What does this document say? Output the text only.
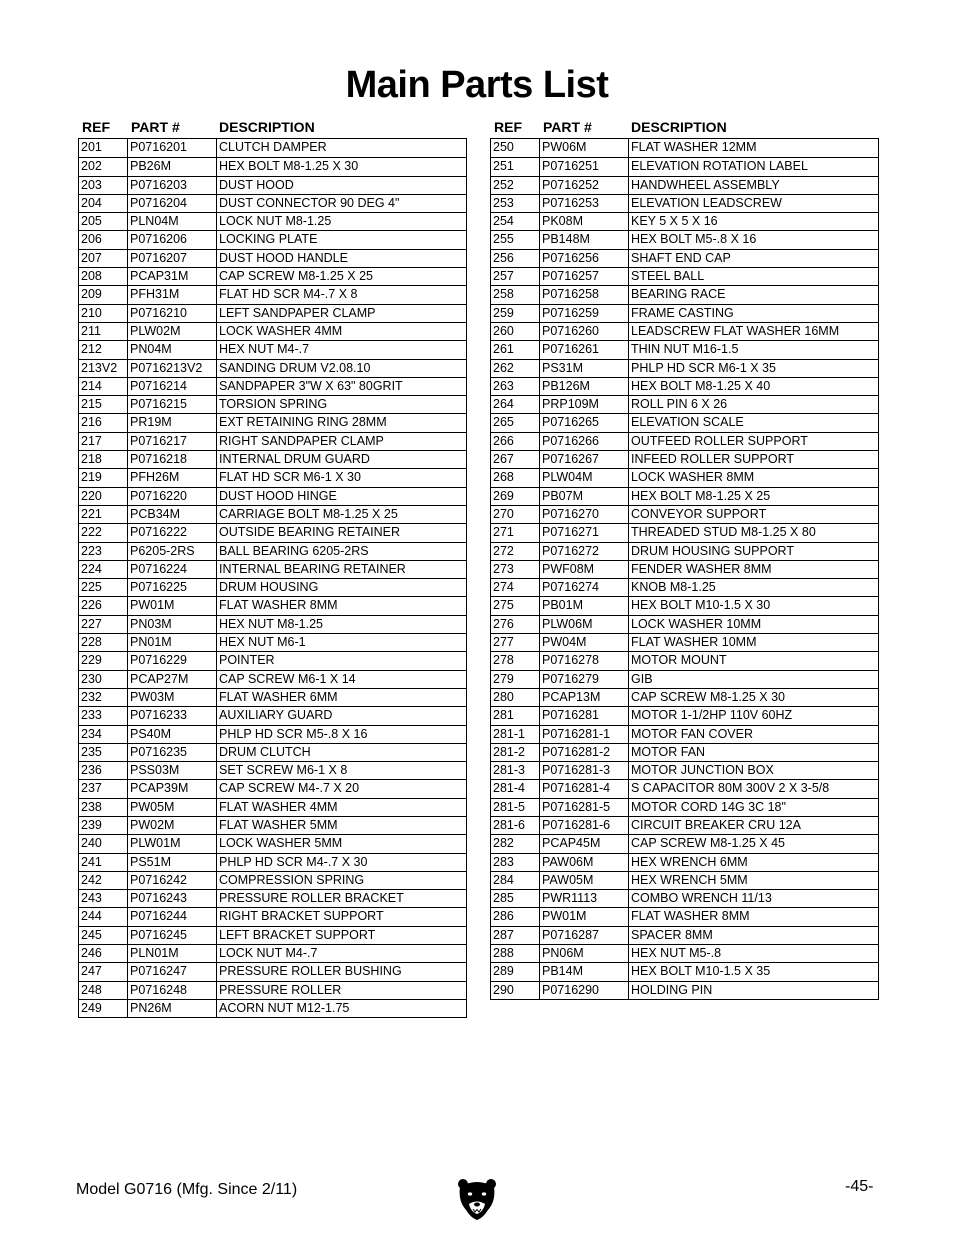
Main Parts List
REF PART #	DESCRIPTION
201	P0716201	CLUTCH DAMPER
202	PB26M	HEX BOLT M8-1.25 X 30
203	P0716203	DUST HOOD
204	P0716204	DUST CONNECTOR 90 DEG 4"
205	PLN04M	LOCK NUT M8-1.25
206	P0716206	LOCKING PLATE
207	P0716207	DUST HOOD HANDLE
208	PCAP31M	CAP SCREW M8-1.25 X 25
209	PFH31M	FLAT HD SCR M4-.7 X 8
210	P0716210	LEFT SANDPAPER CLAMP
211	PLW02M	LOCK WASHER 4MM
212	PN04M	HEX NUT M4-.7
213V2	P0716213V2	SANDING DRUM V2.08.10
214	P0716214	SANDPAPER 3"W X 63" 80GRIT
215	P0716215	TORSION SPRING
216	PR19M	EXT RETAINING RING 28MM
217	P0716217	RIGHT SANDPAPER CLAMP
218	P0716218	INTERNAL DRUM GUARD
219	PFH26M	FLAT HD SCR M6-1 X 30
220	P0716220	DUST HOOD HINGE
221	PCB34M	CARRIAGE BOLT M8-1.25 X 25
222	P0716222	OUTSIDE BEARING RETAINER
223	P6205-2RS	BALL BEARING 6205-2RS
224	P0716224	INTERNAL BEARING RETAINER
225	P0716225	DRUM HOUSING
226	PW01M	FLAT WASHER 8MM
227	PN03M	HEX NUT M8-1.25
228	PN01M	HEX NUT M6-1
229	P0716229	POINTER
230	PCAP27M	CAP SCREW M6-1 X 14
232	PW03M	FLAT WASHER 6MM
233	P0716233	AUXILIARY GUARD
234	PS40M	PHLP HD SCR M5-.8 X 16
235	P0716235	DRUM CLUTCH
236	PSS03M	SET SCREW M6-1 X 8
237	PCAP39M	CAP SCREW M4-.7 X 20
238	PW05M	FLAT WASHER 4MM
239	PW02M	FLAT WASHER 5MM
240	PLW01M	LOCK WASHER 5MM
241	PS51M	PHLP HD SCR M4-.7 X 30
242	P0716242	COMPRESSION SPRING
243	P0716243	PRESSURE ROLLER BRACKET
244	P0716244	RIGHT BRACKET SUPPORT
245	P0716245	LEFT BRACKET SUPPORT
246	PLN01M	LOCK NUT M4-.7
247	P0716247	PRESSURE ROLLER BUSHING
248	P0716248	PRESSURE ROLLER
249	PN26M	ACORN NUT M12-1.75
REF PART #	DESCRIPTION
250	PW06M	FLAT WASHER 12MM
251	P0716251	ELEVATION ROTATION LABEL
252	P0716252	HANDWHEEL ASSEMBLY
253	P0716253	ELEVATION LEADSCREW
254	PK08M	KEY 5 X 5 X 16
255	PB148M	HEX BOLT M5-.8 X 16
256	P0716256	SHAFT END CAP
257	P0716257	STEEL BALL
258	P0716258	BEARING RACE
259	P0716259	FRAME CASTING
260	P0716260	LEADSCREW FLAT WASHER 16MM
261	P0716261	THIN NUT M16-1.5
262	PS31M	PHLP HD SCR M6-1 X 35
263	PB126M	HEX BOLT M8-1.25 X 40
264	PRP109M	ROLL PIN 6 X 26
265	P0716265	ELEVATION SCALE
266	P0716266	OUTFEED ROLLER SUPPORT
267	P0716267	INFEED ROLLER SUPPORT
268	PLW04M	LOCK WASHER 8MM
269	PB07M	HEX BOLT M8-1.25 X 25
270	P0716270	CONVEYOR SUPPORT
271	P0716271	THREADED STUD M8-1.25 X 80
272	P0716272	DRUM HOUSING SUPPORT
273	PWF08M	FENDER WASHER 8MM
274	P0716274	KNOB M8-1.25
275	PB01M	HEX BOLT M10-1.5 X 30
276	PLW06M	LOCK WASHER 10MM
277	PW04M	FLAT WASHER 10MM
278	P0716278	MOTOR MOUNT
279	P0716279	GIB
280	PCAP13M	CAP SCREW M8-1.25 X 30
281	P0716281	MOTOR 1-1/2HP 110V 60HZ
281-1	P0716281-1	MOTOR FAN COVER
281-2	P0716281-2	MOTOR FAN
281-3	P0716281-3	MOTOR JUNCTION BOX
281-4	P0716281-4	S CAPACITOR 80M 300V 2 X 3-5/8
281-5	P0716281-5	MOTOR CORD 14G 3C 18"
281-6	P0716281-6	CIRCUIT BREAKER CRU 12A
282	PCAP45M	CAP SCREW M8-1.25 X 45
283	PAW06M	HEX WRENCH 6MM
284	PAW05M	HEX WRENCH 5MM
285	PWR1113	COMBO WRENCH 11/13
286	PW01M	FLAT WASHER 8MM
287	P0716287	SPACER 8MM
288	PN06M	HEX NUT M5-.8
289	PB14M	HEX BOLT M10-1.5 X 35
290	P0716290	HOLDING PIN
Model G0716 (Mfg. Since 2/11)	-45-
